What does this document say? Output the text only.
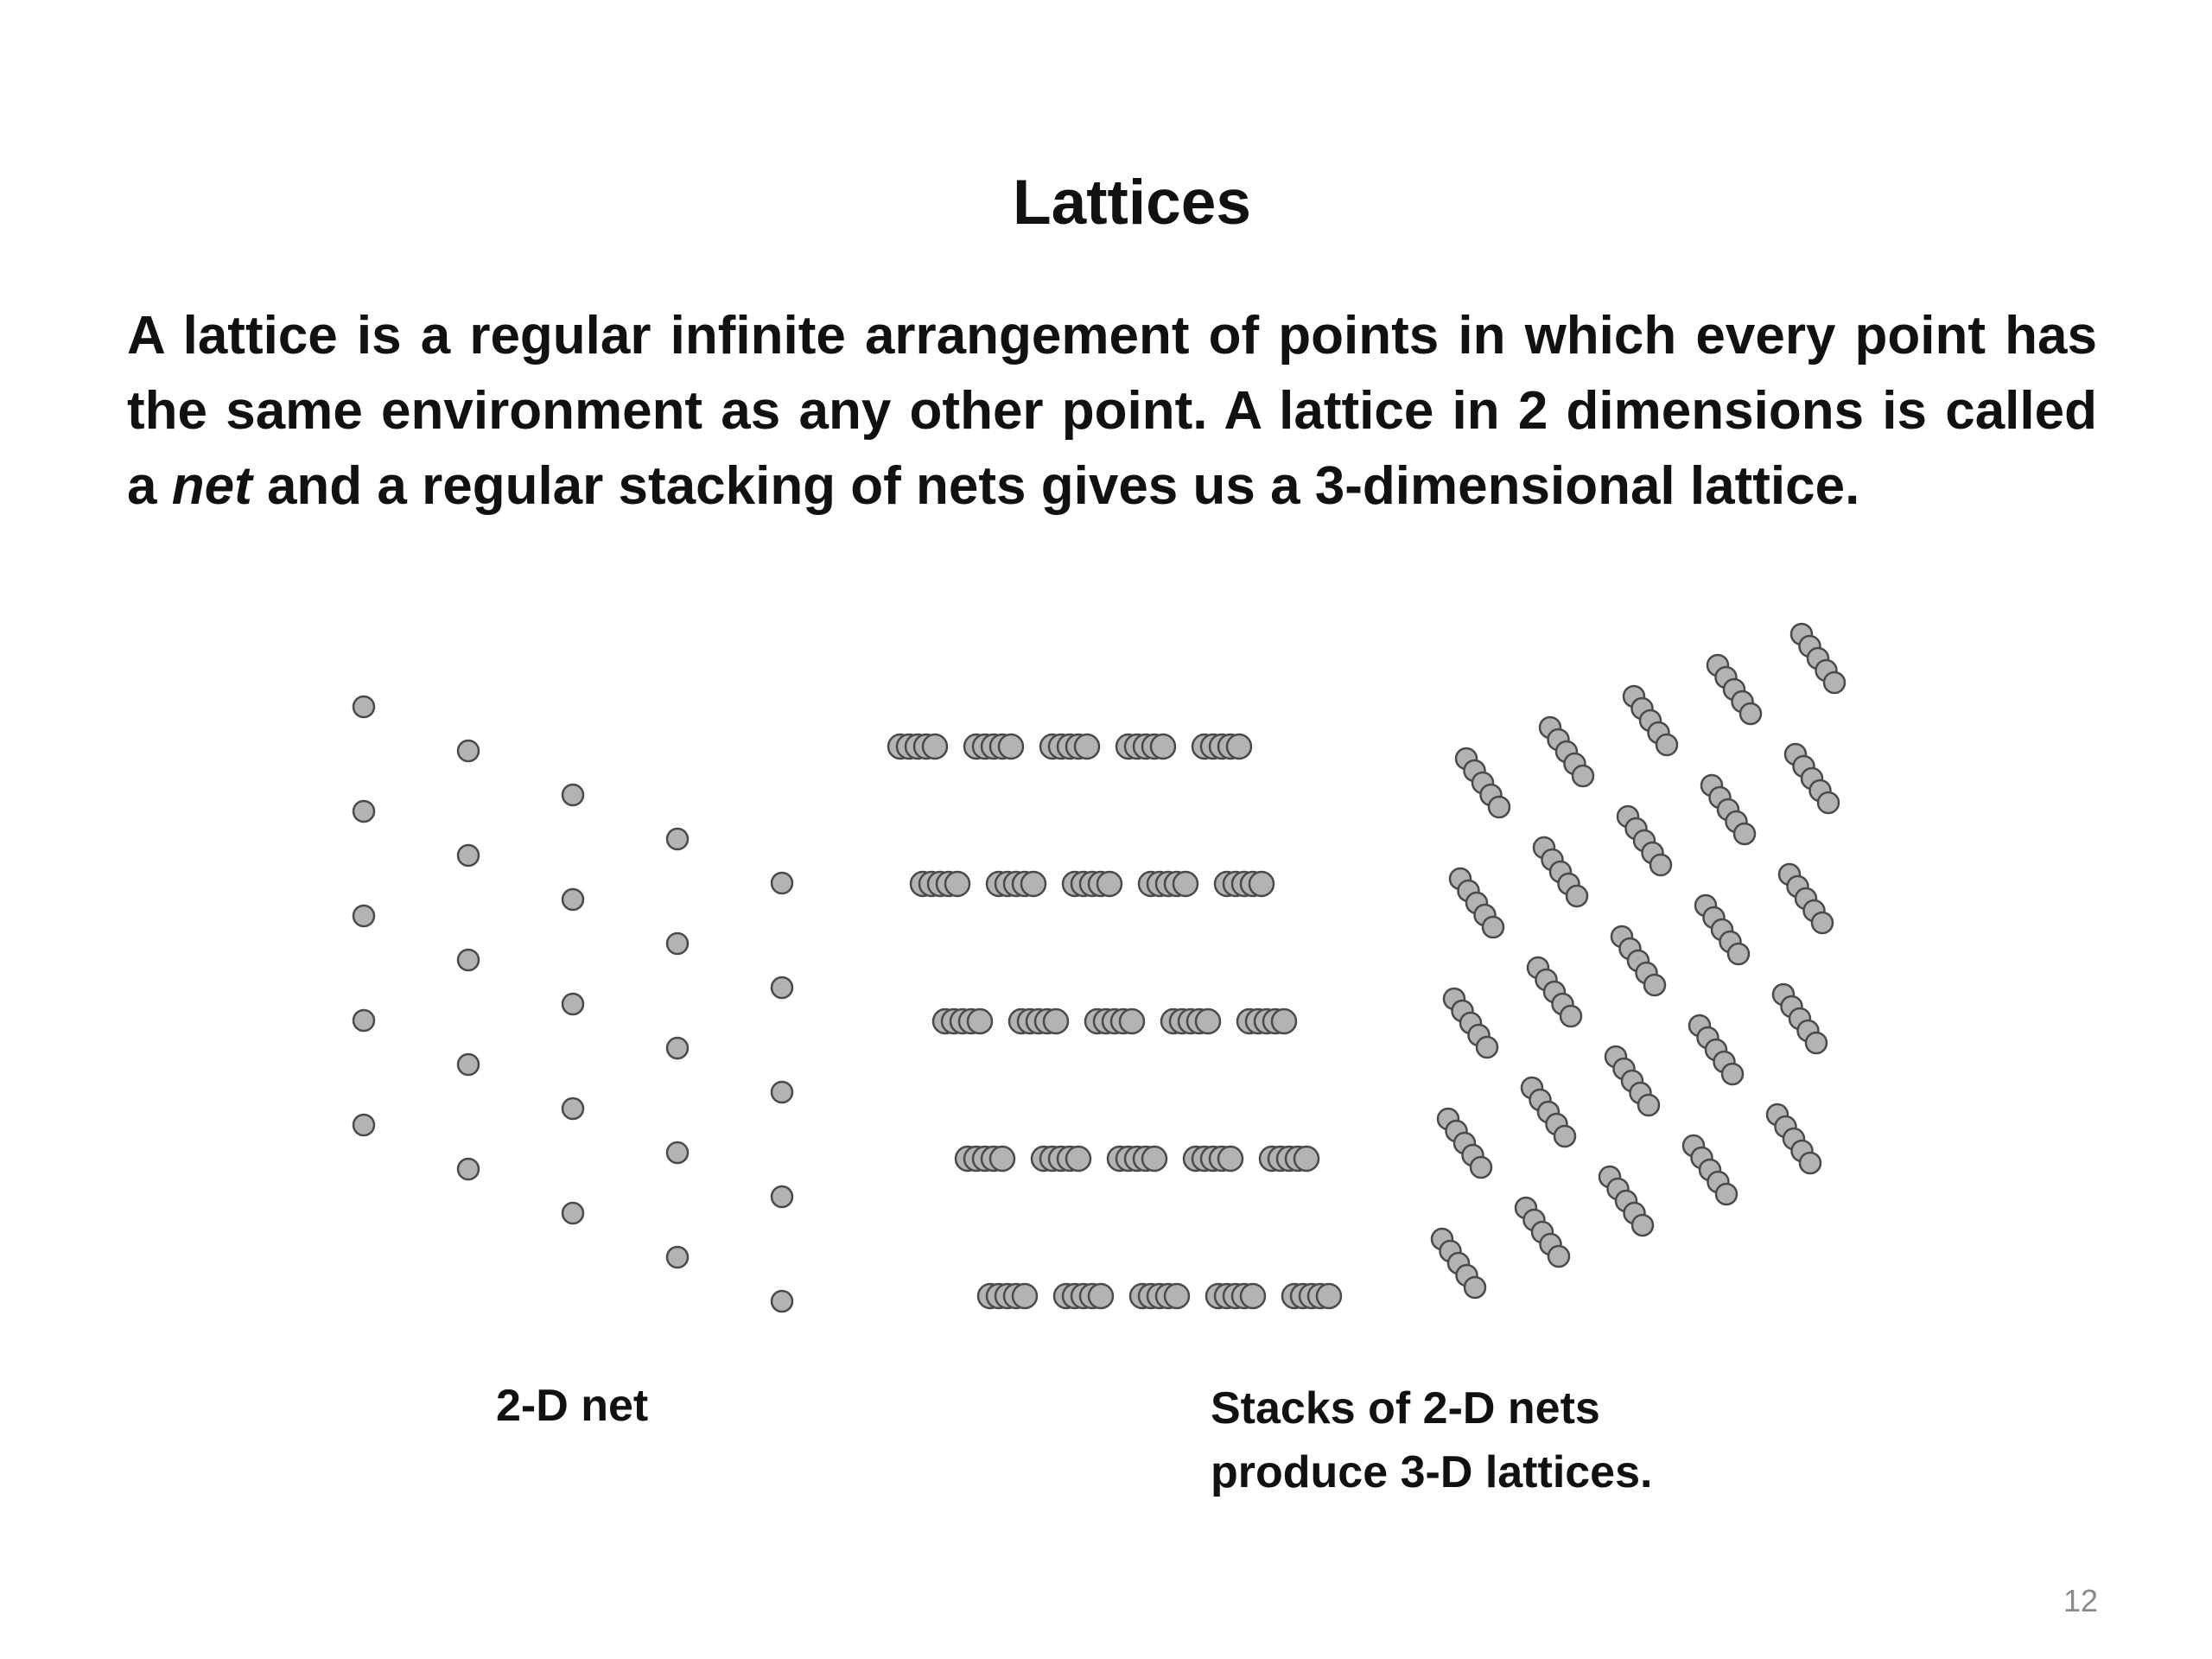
Lattices

A lattice is a regular infinite arrangement of points in which every point has
the same environment as any other point. A lattice in 2 dimensions is called
a net and a regular stacking of nets gives us a 3-dimensional lattice.

2-D net	Stacks of 2-D nets
produce 3-D lattices.

12
